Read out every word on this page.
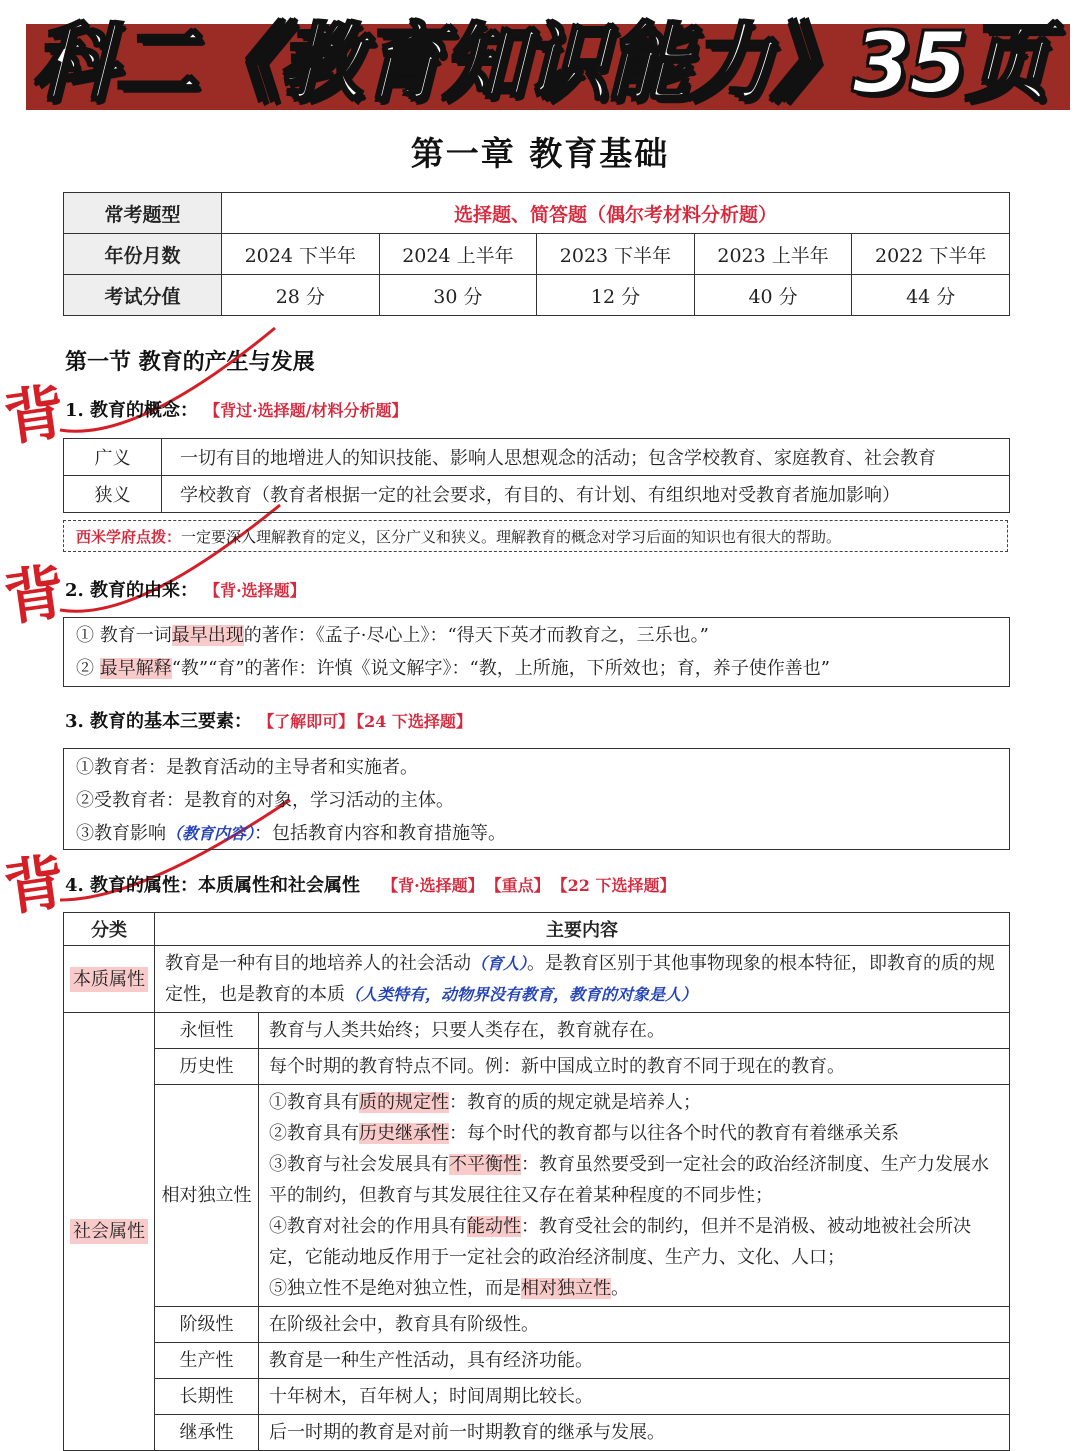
科二《教育知识能力》35页
第一章 教育基础
常考题型	选择题、简答题（偶尔考材料分析题）				
年份月数	2024 下半年	2024 上半年	2023 下半年	2023 上半年	2022 下半年
考试分值	28 分	30 分	12 分	40 分	44 分
第一节 教育的产生与发展
背
背
背
1. 教育的概念： 【背过·选择题/材料分析题】
广义	一切有目的地增进人的知识技能、影响人思想观念的活动；包含学校教育、家庭教育、社会教育
狭义	学校教育（教育者根据一定的社会要求，有目的、有计划、有组织地对受教育者施加影响）
西米学府点拨：一定要深入理解教育的定义，区分广义和狭义。理解教育的概念对学习后面的知识也有很大的帮助。
2. 教育的由来： 【背·选择题】
① 教育一词最早出现的著作：《孟子·尽心上》：“得天下英才而教育之，三乐也。”
② 最早解释“教”“育”的著作：许慎《说文解字》：“教，上所施，下所效也；育，养子使作善也”
3. 教育的基本三要素： 【了解即可】 【24 下选择题】
①教育者：是教育活动的主导者和实施者。
②受教育者：是教育的对象，学习活动的主体。
③教育影响（教育内容）：包括教育内容和教育措施等。
4. 教育的属性：本质属性和社会属性 【背·选择题】 【重点】 【22 下选择题】
分类	主要内容	
本质属性	教育是一种有目的地培养人的社会活动（育人）。是教育区别于其他事物现象的根本特征，即教育的质的规定性，也是教育的本质（人类特有，动物界没有教育，教育的对象是人）	
社会属性	永恒性	教育与人类共始终；只要人类存在，教育就存在。
	历史性	每个时期的教育特点不同。例：新中国成立时的教育不同于现在的教育。
	相对独立性	①教育具有质的规定性：教育的质的规定就是培养人；
②教育具有历史继承性：每个时代的教育都与以往各个时代的教育有着继承关系
③教育与社会发展具有不平衡性：教育虽然要受到一定社会的政治经济制度、生产力发展水平的制约，但教育与其发展往往又存在着某种程度的不同步性；
④教育对社会的作用具有能动性：教育受社会的制约，但并不是消极、被动地被社会所决定，它能动地反作用于一定社会的政治经济制度、生产力、文化、人口；
⑤独立性不是绝对独立性，而是相对独立性。

	阶级性	在阶级社会中，教育具有阶级性。
	生产性	教育是一种生产性活动，具有经济功能。
	长期性	十年树木，百年树人；时间周期比较长。
	继承性	后一时期的教育是对前一时期教育的继承与发展。
